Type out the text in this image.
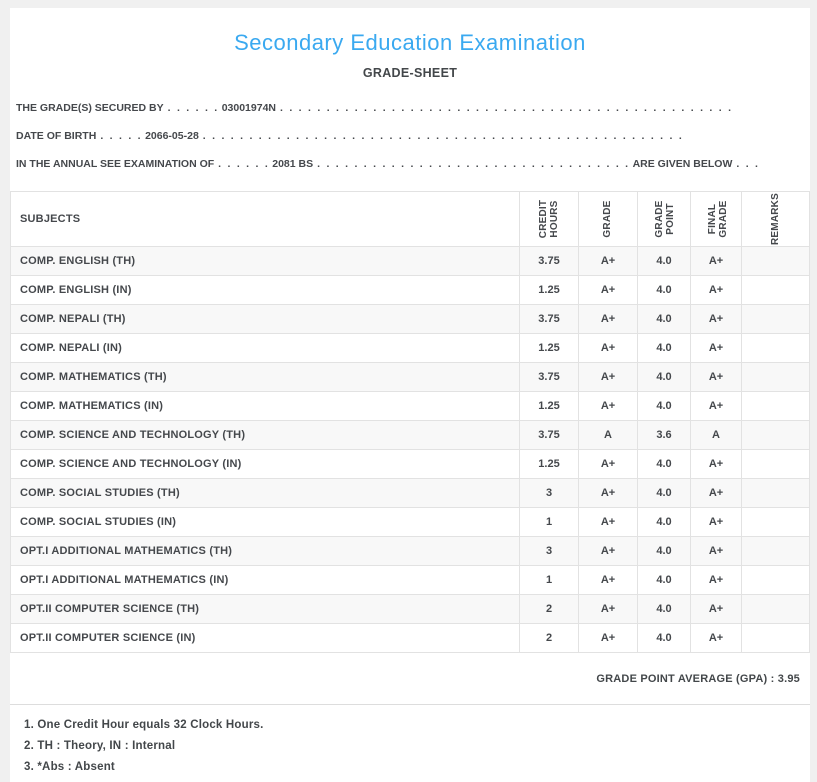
Secondary Education Examination
GRADE-SHEET
THE GRADE(S) SECURED BY . . . . . . 03001974N . . . . . . . . . . . . . . . . . . . . . . . . . . . . . . . . . . . . . . . . . . . . . . . . .
DATE OF BIRTH . . . . . 2066-05-28 . . . . . . . . . . . . . . . . . . . . . . . . . . . . . . . . . . . . . . . . . . . . . . . . . . . .
IN THE ANNUAL SEE EXAMINATION OF . . . . . . 2081 BS . . . . . . . . . . . . . . . . . . . . . . . . . . . . . . . . . . ARE GIVEN BELOW . . .
SUBJECTS	CREDIT HOURS	GRADE	GRADE POINT	FINAL GRADE	REMARKS

COMP. ENGLISH (TH)	3.75	A+	4.0	A+	
COMP. ENGLISH (IN)	1.25	A+	4.0	A+	
COMP. NEPALI (TH)	3.75	A+	4.0	A+	
COMP. NEPALI (IN)	1.25	A+	4.0	A+	
COMP. MATHEMATICS (TH)	3.75	A+	4.0	A+	
COMP. MATHEMATICS (IN)	1.25	A+	4.0	A+	
COMP. SCIENCE AND TECHNOLOGY (TH)	3.75	A	3.6	A	
COMP. SCIENCE AND TECHNOLOGY (IN)	1.25	A+	4.0	A+	
COMP. SOCIAL STUDIES (TH)	3	A+	4.0	A+	
COMP. SOCIAL STUDIES (IN)	1	A+	4.0	A+	
OPT.I ADDITIONAL MATHEMATICS (TH)	3	A+	4.0	A+	
OPT.I ADDITIONAL MATHEMATICS (IN)	1	A+	4.0	A+	
OPT.II COMPUTER SCIENCE (TH)	2	A+	4.0	A+	
OPT.II COMPUTER SCIENCE (IN)	2	A+	4.0	A+	
GRADE POINT AVERAGE (GPA) : 3.95
1. One Credit Hour equals 32 Clock Hours.
2. TH : Theory, IN : Internal
3. *Abs : Absent
